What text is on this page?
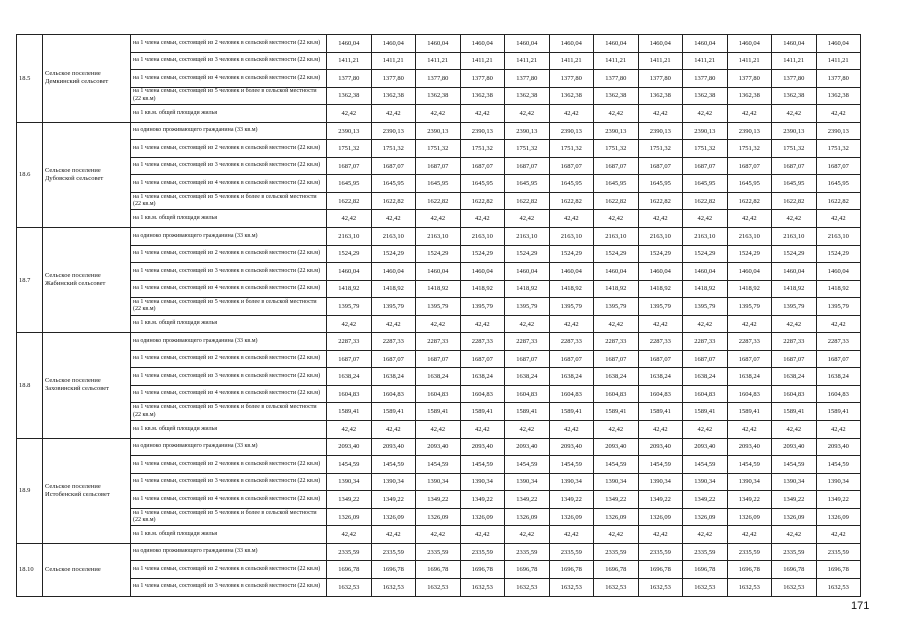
18.5	Сельское поселение Демкинский сельсовет	на 1 члена семьи, состоящей из 2 человек в сельской местности (22 кв.м)	1460,04	1460,04	1460,04	1460,04	1460,04	1460,04	1460,04	1460,04	1460,04	1460,04	1460,04	1460,04
		на 1 члена семьи, состоящей из 3 человек в сельской местности (22 кв.м)	1411,21	1411,21	1411,21	1411,21	1411,21	1411,21	1411,21	1411,21	1411,21	1411,21	1411,21	1411,21
		на 1 члена семьи, состоящей из 4 человек в сельской местности (22 кв.м)	1377,80	1377,80	1377,80	1377,80	1377,80	1377,80	1377,80	1377,80	1377,80	1377,80	1377,80	1377,80
		на 1 члена семьи, состоящей из 5 человек и более в сельской местности (22 кв.м)	1362,38	1362,38	1362,38	1362,38	1362,38	1362,38	1362,38	1362,38	1362,38	1362,38	1362,38	1362,38
		на 1 кв.м. общей площади жилья	42,42	42,42	42,42	42,42	42,42	42,42	42,42	42,42	42,42	42,42	42,42	42,42
18.6	Сельское поселение Дубовской сельсовет	на одиноко проживающего гражданина (33 кв.м)	2390,13	2390,13	2390,13	2390,13	2390,13	2390,13	2390,13	2390,13	2390,13	2390,13	2390,13	2390,13
		на 1 члена семьи, состоящей из 2 человек в сельской местности (22 кв.м)	1751,32	1751,32	1751,32	1751,32	1751,32	1751,32	1751,32	1751,32	1751,32	1751,32	1751,32	1751,32
		на 1 члена семьи, состоящей из 3 человек в сельской местности (22 кв.м)	1687,07	1687,07	1687,07	1687,07	1687,07	1687,07	1687,07	1687,07	1687,07	1687,07	1687,07	1687,07
		на 1 члена семьи, состоящей из 4 человек в сельской местности (22 кв.м)	1645,95	1645,95	1645,95	1645,95	1645,95	1645,95	1645,95	1645,95	1645,95	1645,95	1645,95	1645,95
		на 1 члена семьи, состоящей из 5 человек и более в сельской местности (22 кв.м)	1622,82	1622,82	1622,82	1622,82	1622,82	1622,82	1622,82	1622,82	1622,82	1622,82	1622,82	1622,82
		на 1 кв.м. общей площади жилья	42,42	42,42	42,42	42,42	42,42	42,42	42,42	42,42	42,42	42,42	42,42	42,42
18.7	Сельское поселение Жабинский сельсовет	на одиноко проживающего гражданина (33 кв.м)	2163,10	2163,10	2163,10	2163,10	2163,10	2163,10	2163,10	2163,10	2163,10	2163,10	2163,10	2163,10
		на 1 члена семьи, состоящей из 2 человек в сельской местности (22 кв.м)	1524,29	1524,29	1524,29	1524,29	1524,29	1524,29	1524,29	1524,29	1524,29	1524,29	1524,29	1524,29
		на 1 члена семьи, состоящей из 3 человек в сельской местности (22 кв.м)	1460,04	1460,04	1460,04	1460,04	1460,04	1460,04	1460,04	1460,04	1460,04	1460,04	1460,04	1460,04
		на 1 члена семьи, состоящей из 4 человек в сельской местности (22 кв.м)	1418,92	1418,92	1418,92	1418,92	1418,92	1418,92	1418,92	1418,92	1418,92	1418,92	1418,92	1418,92
		на 1 члена семьи, состоящей из 5 человек и более в сельской местности (22 кв.м)	1395,79	1395,79	1395,79	1395,79	1395,79	1395,79	1395,79	1395,79	1395,79	1395,79	1395,79	1395,79
		на 1 кв.м. общей площади жилья	42,42	42,42	42,42	42,42	42,42	42,42	42,42	42,42	42,42	42,42	42,42	42,42
18.8	Сельское поселение Заховинский сельсовет	на одиноко проживающего гражданина (33 кв.м)	2287,33	2287,33	2287,33	2287,33	2287,33	2287,33	2287,33	2287,33	2287,33	2287,33	2287,33	2287,33
		на 1 члена семьи, состоящей из 2 человек в сельской местности (22 кв.м)	1687,07	1687,07	1687,07	1687,07	1687,07	1687,07	1687,07	1687,07	1687,07	1687,07	1687,07	1687,07
		на 1 члена семьи, состоящей из 3 человек в сельской местности (22 кв.м)	1638,24	1638,24	1638,24	1638,24	1638,24	1638,24	1638,24	1638,24	1638,24	1638,24	1638,24	1638,24
		на 1 члена семьи, состоящей из 4 человек в сельской местности (22 кв.м)	1604,83	1604,83	1604,83	1604,83	1604,83	1604,83	1604,83	1604,83	1604,83	1604,83	1604,83	1604,83
		на 1 члена семьи, состоящей из 5 человек и более в сельской местности (22 кв.м)	1589,41	1589,41	1589,41	1589,41	1589,41	1589,41	1589,41	1589,41	1589,41	1589,41	1589,41	1589,41
		на 1 кв.м. общей площади жилья	42,42	42,42	42,42	42,42	42,42	42,42	42,42	42,42	42,42	42,42	42,42	42,42
18.9	Сельское поселение Истобенский сельсовет	на одиноко проживающего гражданина (33 кв.м)	2093,40	2093,40	2093,40	2093,40	2093,40	2093,40	2093,40	2093,40	2093,40	2093,40	2093,40	2093,40
		на 1 члена семьи, состоящей из 2 человек в сельской местности (22 кв.м)	1454,59	1454,59	1454,59	1454,59	1454,59	1454,59	1454,59	1454,59	1454,59	1454,59	1454,59	1454,59
		на 1 члена семьи, состоящей из 3 человек в сельской местности (22 кв.м)	1390,34	1390,34	1390,34	1390,34	1390,34	1390,34	1390,34	1390,34	1390,34	1390,34	1390,34	1390,34
		на 1 члена семьи, состоящей из 4 человек в сельской местности (22 кв.м)	1349,22	1349,22	1349,22	1349,22	1349,22	1349,22	1349,22	1349,22	1349,22	1349,22	1349,22	1349,22
		на 1 члена семьи, состоящей из 5 человек и более в сельской местности (22 кв.м)	1326,09	1326,09	1326,09	1326,09	1326,09	1326,09	1326,09	1326,09	1326,09	1326,09	1326,09	1326,09
		на 1 кв.м. общей площади жилья	42,42	42,42	42,42	42,42	42,42	42,42	42,42	42,42	42,42	42,42	42,42	42,42
18.10	Сельское поселение	на одиноко проживающего гражданина (33 кв.м)	2335,59	2335,59	2335,59	2335,59	2335,59	2335,59	2335,59	2335,59	2335,59	2335,59	2335,59	2335,59
		на 1 члена семьи, состоящей из 2 человек в сельской местности (22 кв.м)	1696,78	1696,78	1696,78	1696,78	1696,78	1696,78	1696,78	1696,78	1696,78	1696,78	1696,78	1696,78
		на 1 члена семьи, состоящей из 3 человек в сельской местности (22 кв.м)	1632,53	1632,53	1632,53	1632,53	1632,53	1632,53	1632,53	1632,53	1632,53	1632,53	1632,53	1632,53
171
